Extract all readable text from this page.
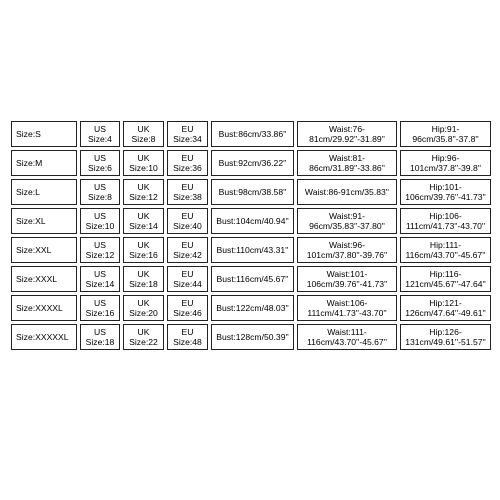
Size:S	US Size:4	UK Size:8	EU Size:34	Bust:86cm/33.86''	Waist:76-81cm/29.92''-31.89''	Hip:91-96cm/35.8''-37.8''
Size:M	US Size:6	UK Size:10	EU Size:36	Bust:92cm/36.22''	Waist:81-86cm/31.89''-33.86''	Hip:96-101cm/37.8''-39.8''
Size:L	US Size:8	UK Size:12	EU Size:38	Bust:98cm/38.58''	Waist:86-91cm/35.83''	Hip:101-106cm/39.76''-41.73''
Size:XL	US Size:10	UK Size:14	EU Size:40	Bust:104cm/40.94''	Waist:91-96cm/35.83''-37.80''	Hip:106-111cm/41.73''-43.70''
Size:XXL	US Size:12	UK Size:16	EU Size:42	Bust:110cm/43.31''	Waist:96-101cm/37.80''-39.76''	Hip:111-116cm/43.70''-45.67''
Size:XXXL	US Size:14	UK Size:18	EU Size:44	Bust:116cm/45.67''	Waist:101-106cm/39.76''-41.73''	Hip:116-121cm/45.67''-47.64''
Size:XXXXL	US Size:16	UK Size:20	EU Size:46	Bust:122cm/48.03''	Waist:106-111cm/41.73''-43.70''	Hip:121-126cm/47.64''-49.61''
Size:XXXXXL	US Size:18	UK Size:22	EU Size:48	Bust:128cm/50.39''	Waist:111-116cm/43.70''-45.67''	Hip:126-131cm/49.61''-51.57''
